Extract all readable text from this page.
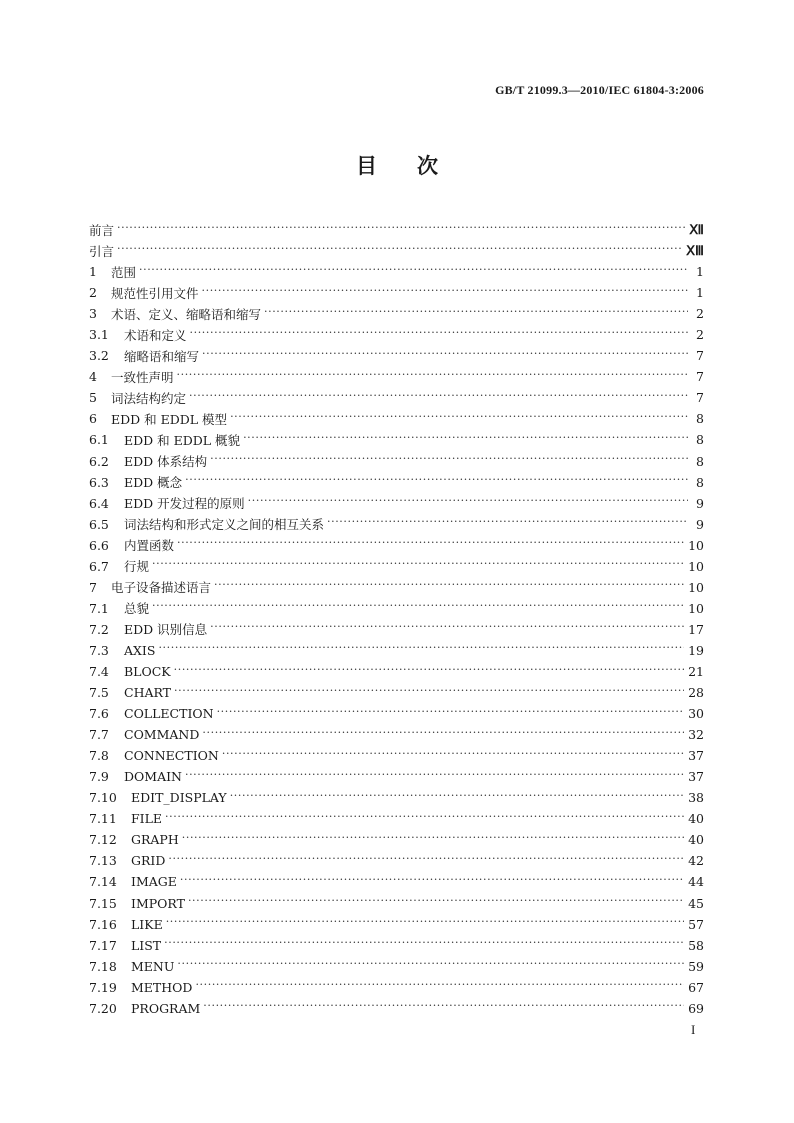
GB/T 21099.3—2010/IEC 61804-3:2006
目 次
前言 ·····	Ⅻ
引言 ·····	ⅩⅢ
1	范围 ·····	1
2	规范性引用文件 ·····	1
3	术语、定义、缩略语和缩写 ·····	2
3.1	术语和定义 ·····	2
3.2	缩略语和缩写 ·····	7
4	一致性声明 ·····	7
5	词法结构约定 ·····	7
6	EDD 和 EDDL 模型 ·····	8
6.1	EDD 和 EDDL 概貌 ·····	8
6.2	EDD 体系结构 ·····	8
6.3	EDD 概念 ·····	8
6.4	EDD 开发过程的原则 ·····	9
6.5	词法结构和形式定义之间的相互关系 ·····	9
6.6	内置函数 ·····	10
6.7	行规 ·····	10
7	电子设备描述语言 ·····	10
7.1	总貌 ·····	10
7.2	EDD 识别信息 ·····	17
7.3	AXIS ·····	19
7.4	BLOCK ·····	21
7.5	CHART ·····	28
7.6	COLLECTION ·····	30
7.7	COMMAND ·····	32
7.8	CONNECTION ·····	37
7.9	DOMAIN ·····	37
7.10	EDIT_DISPLAY ·····	38
7.11	FILE ·····	40
7.12	GRAPH ·····	40
7.13	GRID ·····	42
7.14	IMAGE ·····	44
7.15	IMPORT ·····	45
7.16	LIKE ·····	57
7.17	LIST ·····	58
7.18	MENU ·····	59
7.19	METHOD ·····	67
7.20	PROGRAM ·····	69
I
